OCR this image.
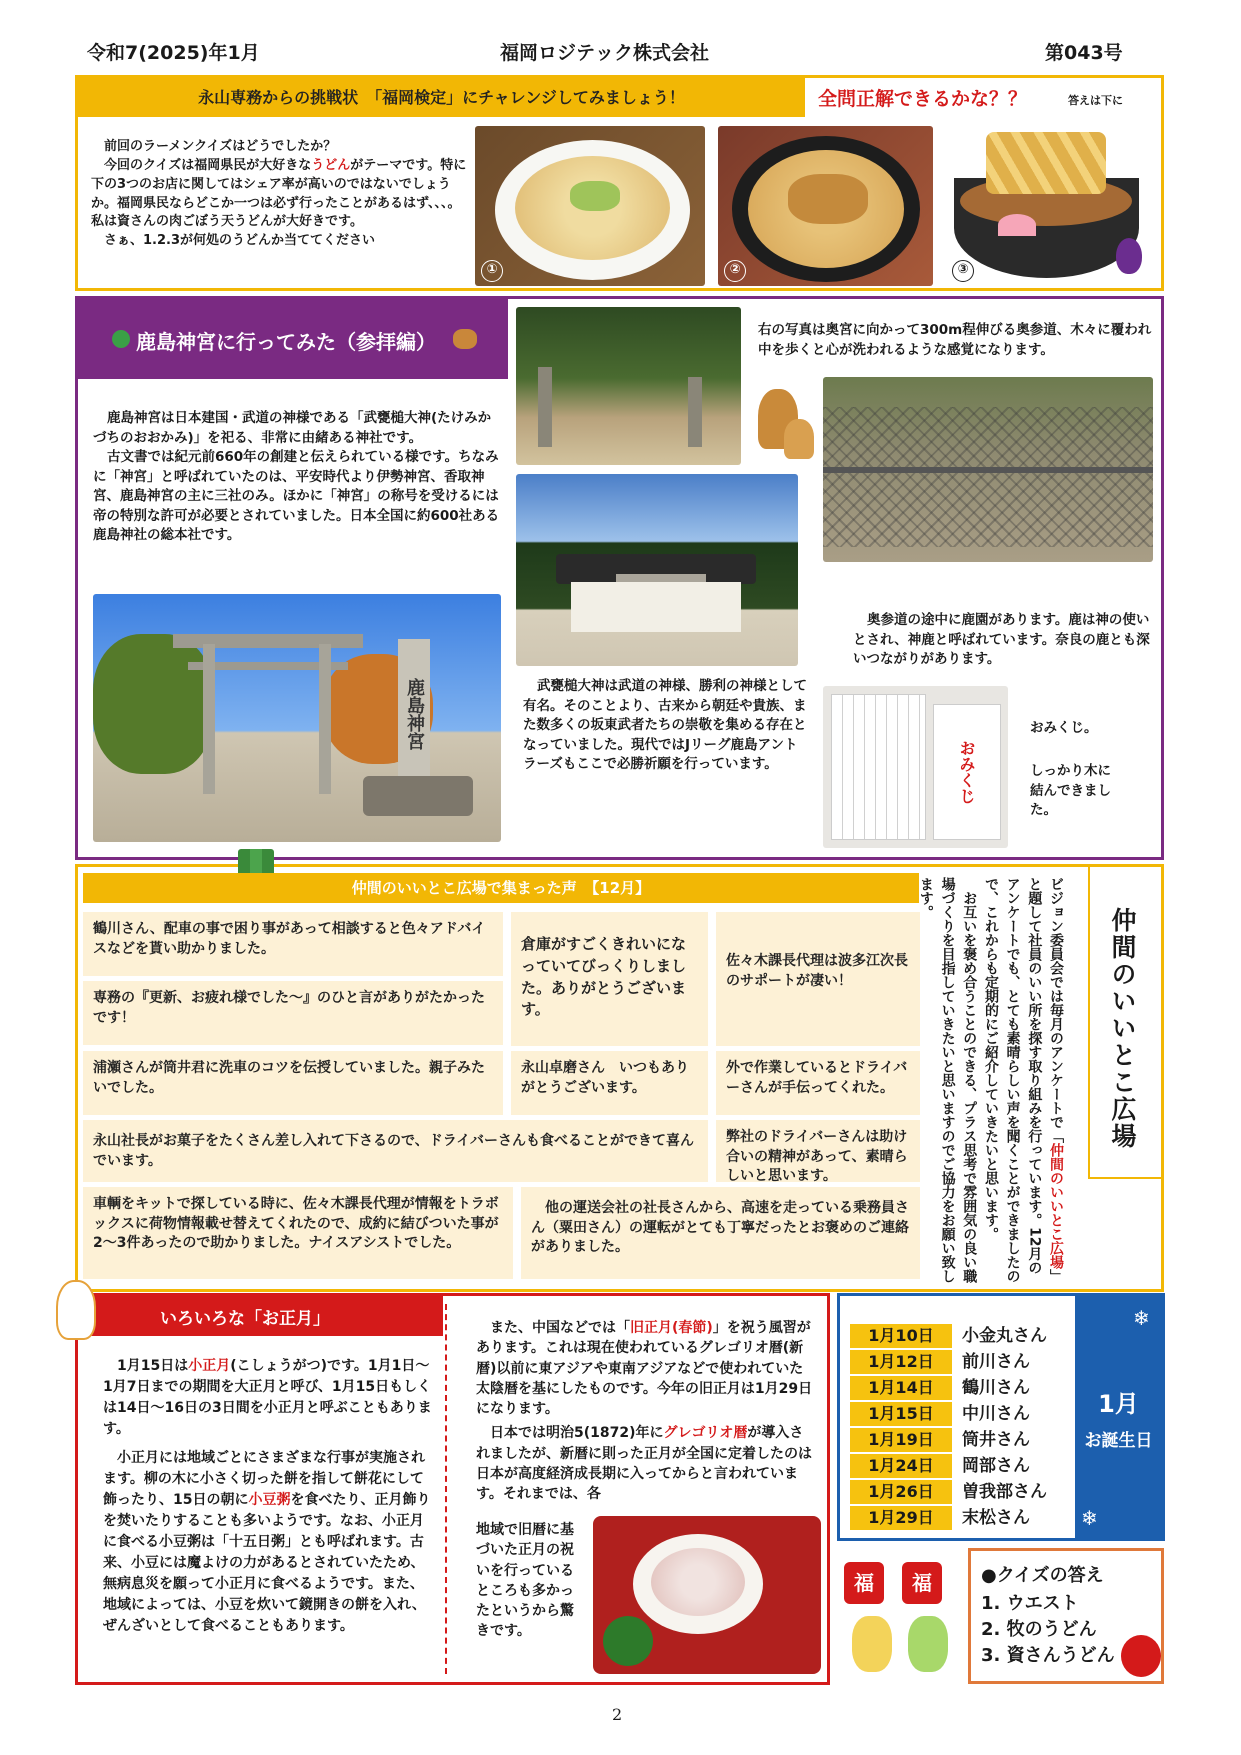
令和7(2025)年1月	福岡ロジテック株式会社	第043号
永山専務からの挑戦状　「福岡検定」にチャレンジしてみましょう！	全問正解できるかな？？	答えは下に

前回のラーメンクイズはどうでしたか？

今回のクイズは福岡県民が大好きなうどんがテーマです。特に下の3つのお店に関してはシェア率が高いのではないでしょうか。福岡県民ならどこか一つは必ず行ったことがあるはず、、、。

私は資さんの肉ごぼう天うどんが大好きです。

さぁ、1.2.3が何処のうどんか当ててください

①	②	③
鹿島神宮に行ってみた（参拝編）

鹿島神宮は日本建国・武道の神様である「武甕槌大神(たけみかづちのおおかみ)」を祀る、非常に由緒ある神社です。

古文書では紀元前660年の創建と伝えられている様です。ちなみに「神宮」と呼ばれていたのは、平安時代より伊勢神宮、香取神宮、鹿島神宮の主に三社のみ。ほかに「神宮」の称号を受けるには帝の特別な許可が必要とされていました。日本全国に約600社ある鹿島神社の総本社です。

鹿島神宮
右の写真は奥宮に向かって300m程伸びる奥参道、木々に覆われ中を歩くと心が洗われるような感覚になります。
奥参道の途中に鹿園があります。鹿は神の使いとされ、神鹿と呼ばれています。奈良の鹿とも深いつながりがあります。
武甕槌大神は武道の神様、勝利の神様として有名。そのことより、古来から朝廷や貴族、また数多くの坂東武者たちの崇敬を集める存在となっていました。現代ではJリーグ鹿島アントラーズもここで必勝祈願を行っています。	おみくじ
おみくじ。
しっかり木に結んできました。
仲間のいいとこ広場で集まった声　【12月】
鶴川さん、配車の事で困り事があって相談すると色々アドバイスなどを貰い助かりました。
専務の『更新、お疲れ様でした～』のひと言がありがたかったです！
浦瀬さんが筒井君に洗車のコツを伝授していました。親子みたいでした。
永山社長がお菓子をたくさん差し入れて下さるので、ドライバーさんも食べることができて喜んでいます。
車輌をキットで探している時に、佐々木課長代理が情報をトラボックスに荷物情報載せ替えてくれたので、成約に結びついた事が2～3件あったので助かりました。ナイスアシストでした。
倉庫がすごくきれいになっていてびっくりしました。ありがとうございます。
佐々木課長代理は波多江次長のサポートが凄い！
永山卓磨さん　いつもありがとうございます。
外で作業しているとドライバーさんが手伝ってくれた。
弊社のドライバーさんは助け合いの精神があって、素晴らしいと思います。
他の運送会社の社長さんから、高速を走っている乗務員さん（粟田さん）の運転がとても丁寧だったとお褒めのご連絡がありました。
ビジョン委員会では毎月のアンケートで「仲間のいいとこ広場」と題して社員のいい所を探す取り組みを行っています。12月のアンケートでも、とても素晴らしい声を聞くことができましたので、これからも定期的にご紹介していきたいと思います。
お互いを褒め合うことのできる、プラス思考で雰囲気の良い職場づくりを目指していきたいと思いますのでご協力をお願い致します。
仲間のいいとこ広場
いろいろな「お正月」

1月15日は小正月(こしょうがつ)です。1月1日～1月7日までの期間を大正月と呼び、1月15日もしくは14日～16日の3日間を小正月と呼ぶこともあります。

小正月には地域ごとにさまざまな行事が実施されます。柳の木に小さく切った餅を指して餅花にして飾ったり、15日の朝に小豆粥を食べたり、正月飾りを焚いたりすることも多いようです。なお、小正月に食べる小豆粥は「十五日粥」とも呼ばれます。古来、小豆には魔よけの力があるとされていたため、無病息災を願って小正月に食べるようです。また、地域によっては、小豆を炊いて鏡開きの餅を入れ、ぜんざいとして食べることもあります。

また、中国などでは「旧正月(春節)」を祝う風習があります。これは現在使われているグレゴリオ暦(新暦)以前に東アジアや東南アジアなどで使われていた太陰暦を基にしたものです。今年の旧正月は1月29日になります。

日本では明治5(1872)年にグレゴリオ暦が導入されましたが、新暦に則った正月が全国に定着したのは日本が高度経済成長期に入ってからと言われています。それまでは、各

地域で旧暦に基づいた正月の祝いを行っているところも多かったというから驚きです。
1月10日	小金丸さん
1月12日	前川さん
1月14日	鶴川さん
1月15日	中川さん
1月19日	筒井さん
1月24日	岡部さん
1月26日	曽我部さん
1月29日	末松さん
❄
1月
お誕生日
❄
福	福	●クイズの答え
1. ウエスト
2. 牧のうどん
3. 資さんうどん
2
